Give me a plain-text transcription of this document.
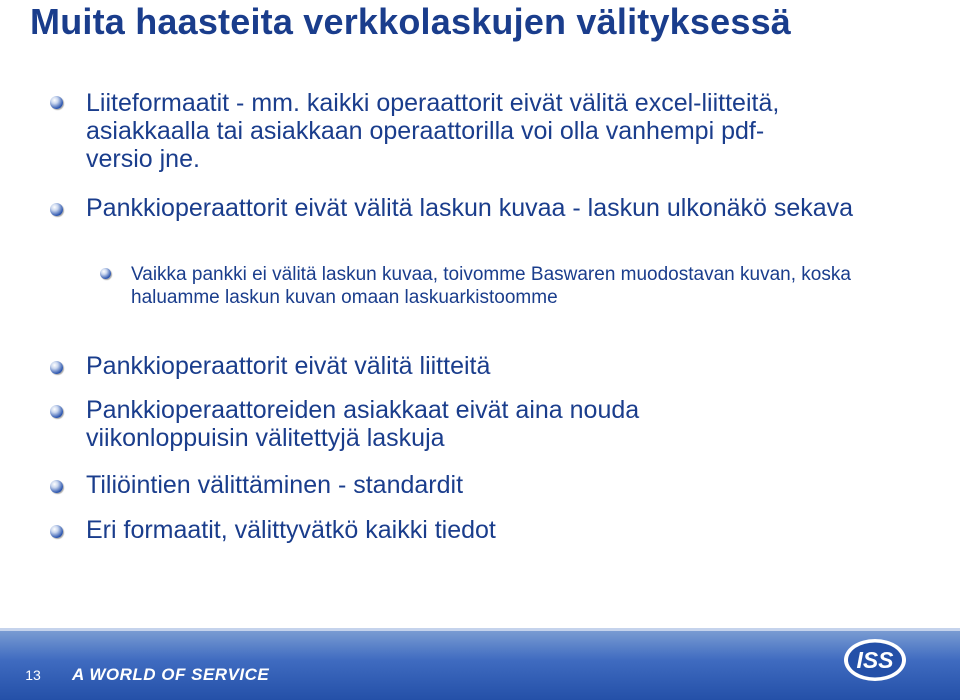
Muita haasteita verkkolaskujen välityksessä
Liiteformaatit - mm. kaikki operaattorit eivät välitä excel-liitteitä, asiakkaalla tai asiakkaan operaattorilla voi olla vanhempi pdf-versio jne.
Pankkioperaattorit eivät välitä laskun kuvaa - laskun ulkonäkö sekava
Vaikka pankki ei välitä laskun kuvaa, toivomme Baswaren muodostavan kuvan, koska haluamme laskun kuvan omaan laskuarkistoomme
Pankkioperaattorit eivät välitä liitteitä
Pankkioperaattoreiden asiakkaat eivät aina nouda viikonloppuisin välitettyjä laskuja
Tiliöintien välittäminen - standardit
Eri formaatit, välittyvätkö kaikki tiedot
13	A WORLD OF SERVICE
ISS
